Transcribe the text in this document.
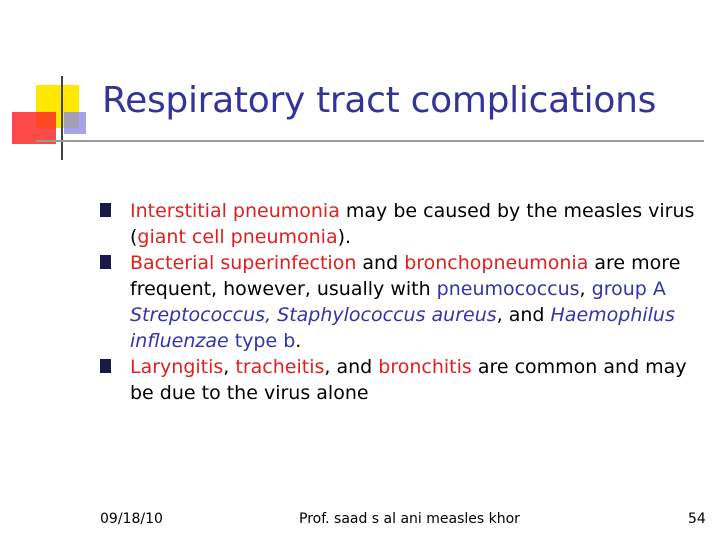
Respiratory tract complications
Interstitial pneumonia may be caused by the measles virus (giant cell pneumonia).
Bacterial superinfection and bronchopneumonia are more frequent, however, usually with pneumococcus, group A Streptococcus, Staphylococcus aureus, and Haemophilus influenzae type b.
Laryngitis, tracheitis, and bronchitis are common and may be due to the virus alone
09/18/10	Prof. saad s al ani measles khor	54
